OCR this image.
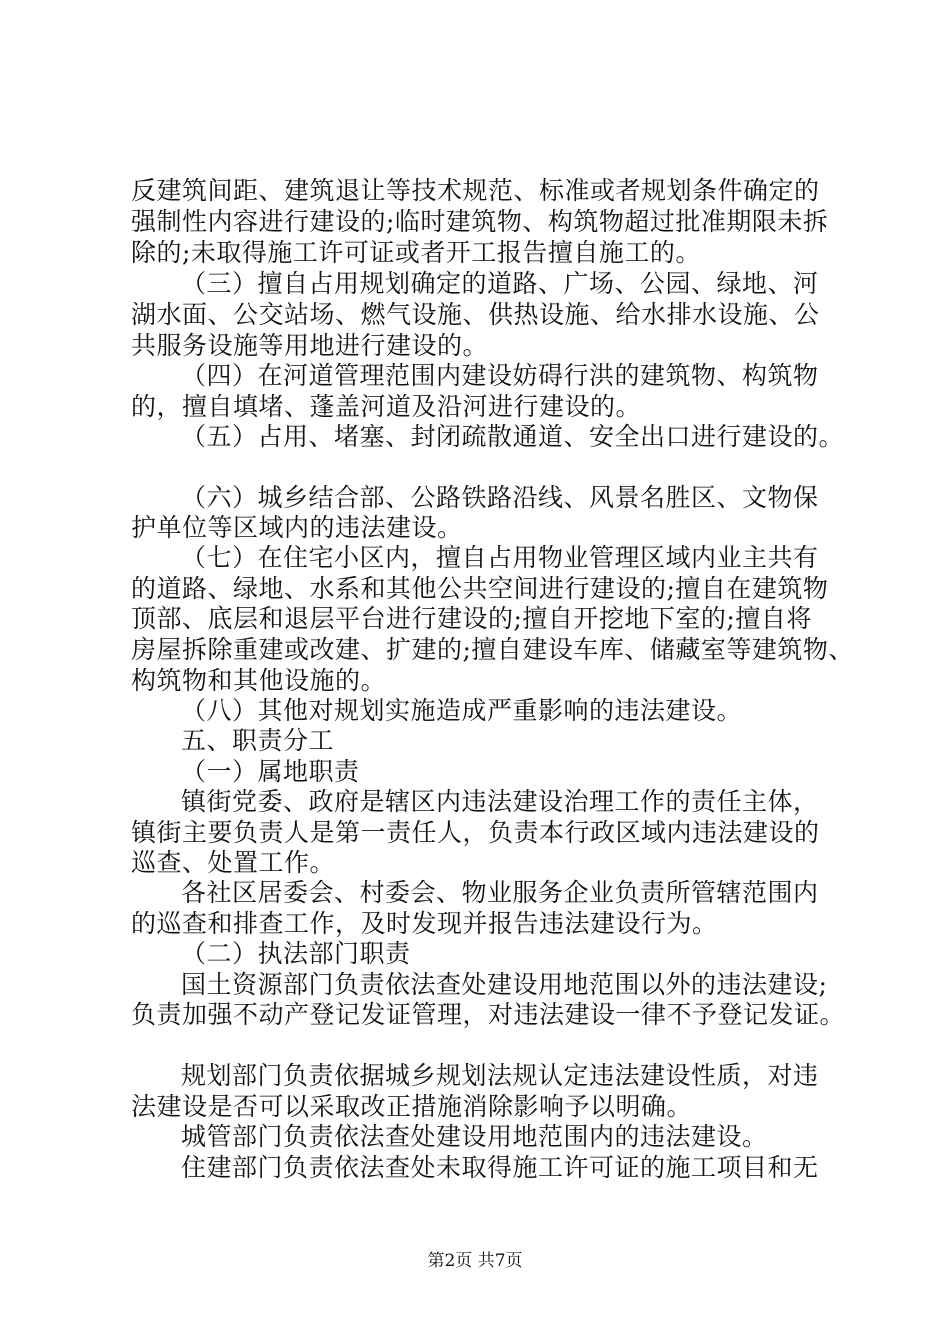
反建筑间距、建筑退让等技术规范、标准或者规划条件确定的
强制性内容进行建设的;临时建筑物、构筑物超过批准期限未拆
除的;未取得施工许可证或者开工报告擅自施工的。
（三）擅自占用规划确定的道路、广场、公园、绿地、河
湖水面、公交站场、燃气设施、供热设施、给水排水设施、公
共服务设施等用地进行建设的。
（四）在河道管理范围内建设妨碍行洪的建筑物、构筑物
的，擅自填堵、蓬盖河道及沿河进行建设的。
（五）占用、堵塞、封闭疏散通道、安全出口进行建设的。
（六）城乡结合部、公路铁路沿线、风景名胜区、文物保
护单位等区域内的违法建设。
（七）在住宅小区内，擅自占用物业管理区域内业主共有
的道路、绿地、水系和其他公共空间进行建设的;擅自在建筑物
顶部、底层和退层平台进行建设的;擅自开挖地下室的;擅自将
房屋拆除重建或改建、扩建的;擅自建设车库、储藏室等建筑物、
构筑物和其他设施的。
（八）其他对规划实施造成严重影响的违法建设。
五、职责分工
（一）属地职责
镇街党委、政府是辖区内违法建设治理工作的责任主体，
镇街主要负责人是第一责任人，负责本行政区域内违法建设的
巡查、处置工作。
各社区居委会、村委会、物业服务企业负责所管辖范围内
的巡查和排查工作，及时发现并报告违法建设行为。
（二）执法部门职责
国土资源部门负责依法查处建设用地范围以外的违法建设;
负责加强不动产登记发证管理，对违法建设一律不予登记发证。
规划部门负责依据城乡规划法规认定违法建设性质，对违
法建设是否可以采取改正措施消除影响予以明确。
城管部门负责依法查处建设用地范围内的违法建设。
住建部门负责依法查处未取得施工许可证的施工项目和无
第2页 共7页
